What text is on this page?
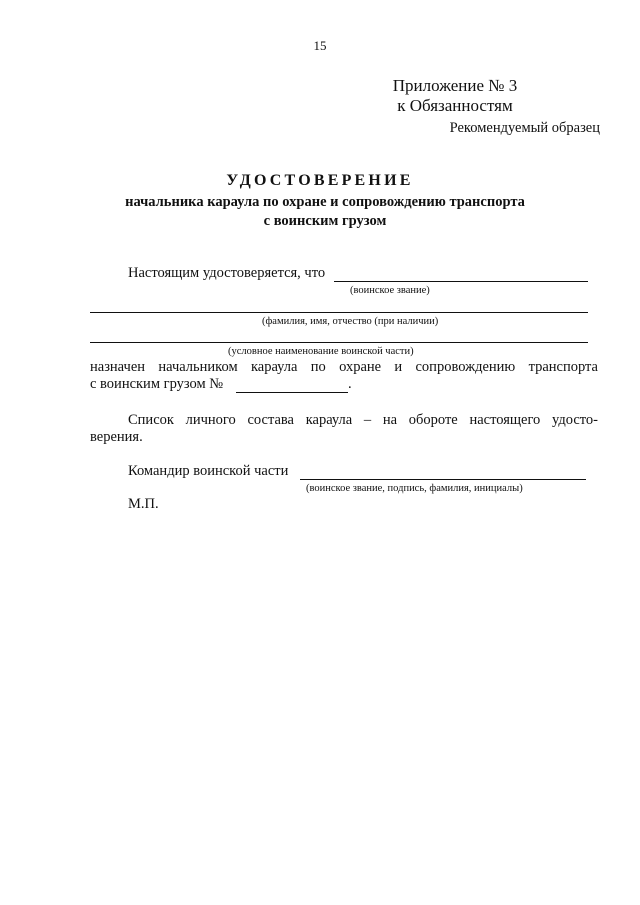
15
Приложение № 3
к Обязанностям
Рекомендуемый образец
УДОСТОВЕРЕНИЕ
начальника караула по охране и сопровождению транспорта
с воинским грузом
Настоящим удостоверяется, что
(воинское звание)
(фамилия, имя, отчество (при наличии)
(условное наименование воинской части)
назначен начальником караула по охране и сопровождению транспорта
с воинским грузом №	.
Список личного состава караула – на обороте настоящего удосто-
верения.
Командир воинской части
(воинское звание, подпись, фамилия, инициалы)
М.П.
